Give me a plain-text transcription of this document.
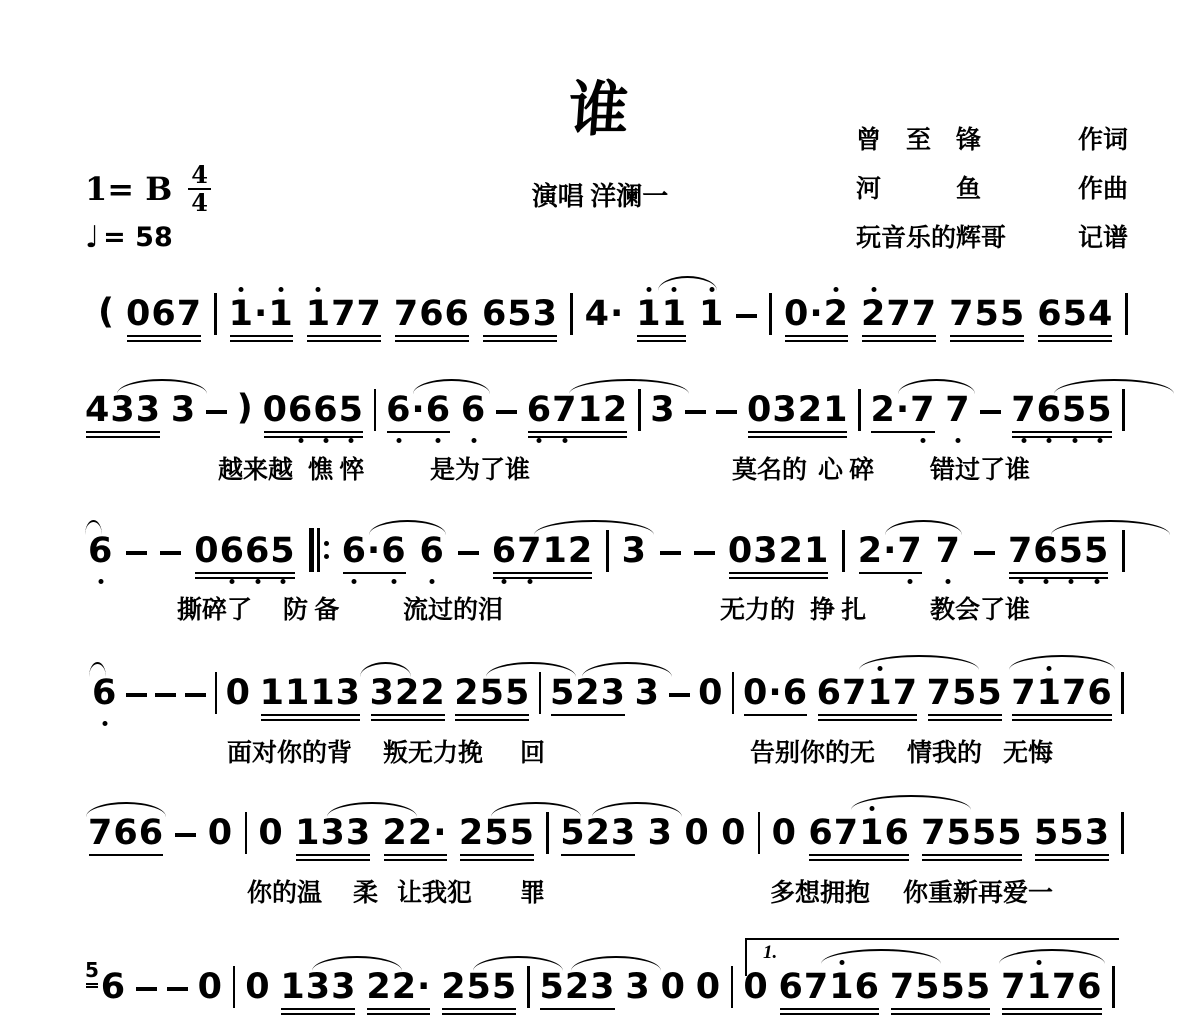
谁
演唱 洋澜一
曾　至　锋	作词
河　　　鱼	作曲
玩音乐的辉哥	记谱
1= B $\frac{4}{4}$
♩ = 58
( 067 1
·1 1
77 766 653 4· 1
1 1 0·2 2
77 755 654
433 3 ) 06
6
5 6
·6 6 6
7
12 3 0321 2·7 7 7
6
5
5
越来越 憔 悴	是为了谁	莫名的 心 碎 错过了谁
6 06
6
5 6
·6 6 6
7
12 3 0321 2·7 7 7
6
5
5
撕碎了 防 备	流过的泪	无力的 挣 扎	教会了谁
6	0 1113 322 255 523 3 0 0·6 671
7 755 71
76
面对你的背 叛无力挽 回	告别你的无 情我的 无悔
766 0 0 133 22· 255 523 3 0 0 0 671
6 7555 553
你的温 柔 让我犯 罪	多想拥抱 你重新再爱一
5 6 0 0 133 22· 255 523 3 0 0 0 671
6 7555 71
76
1.
